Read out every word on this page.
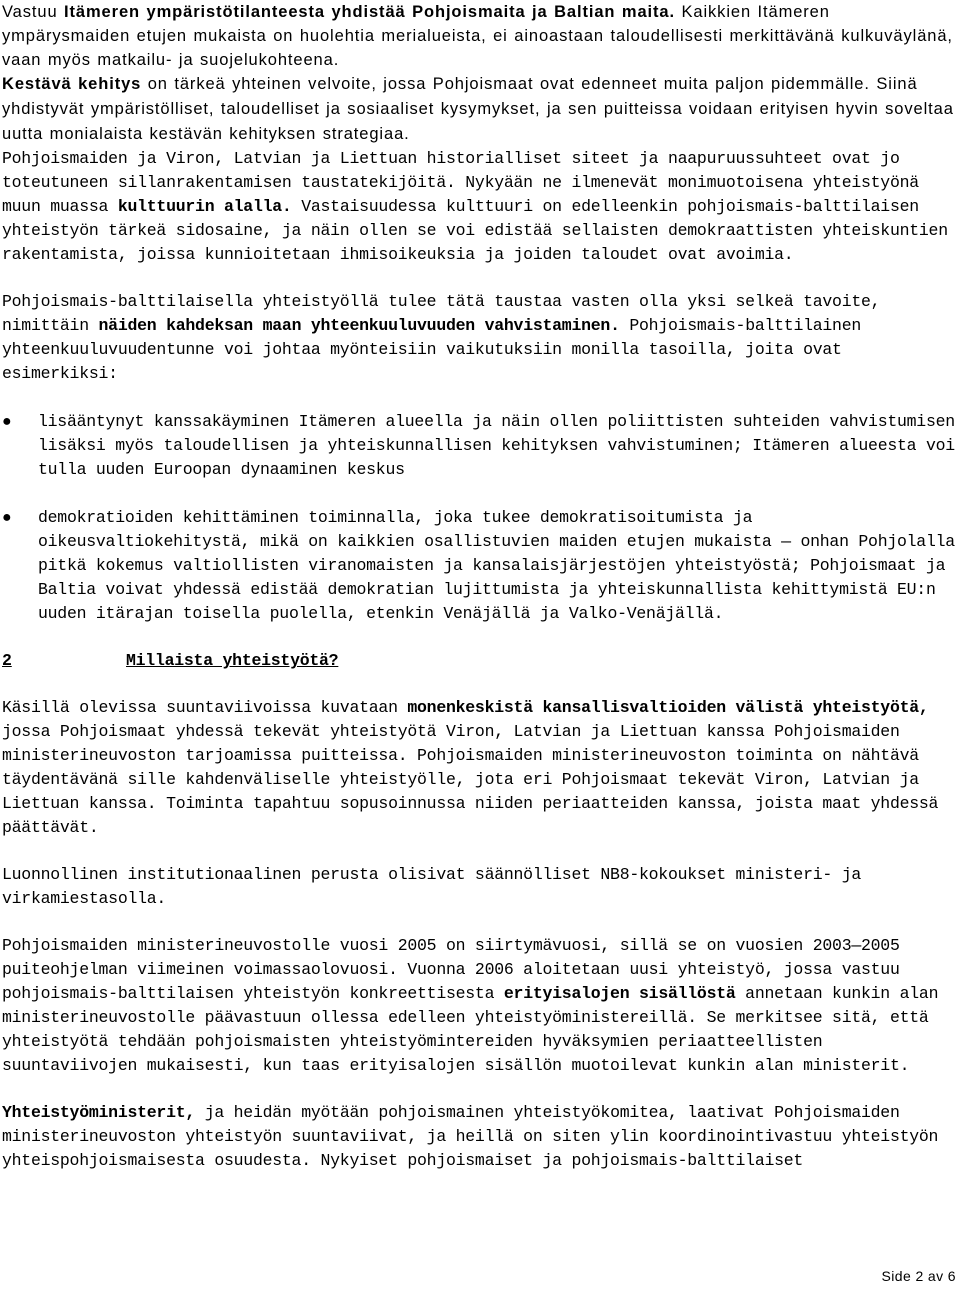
Vastuu Itämeren ympäristötilanteesta yhdistää Pohjoismaita ja Baltian maita. Kaikkien Itämeren ympärysmaiden etujen mukaista on huolehtia merialueista, ei ainoastaan taloudellisesti merkittävänä kulkuväylänä, vaan myös matkailu- ja suojelukohteena.

Kestävä kehitys on tärkeä yhteinen velvoite, jossa Pohjoismaat ovat edenneet muita paljon pidemmälle. Siinä yhdistyvät ympäristölliset, taloudelliset ja sosiaaliset kysymykset, ja sen puitteissa voidaan erityisen hyvin soveltaa uutta monialaista kestävän kehityksen strategiaa.

Pohjoismaiden ja Viron, Latvian ja Liettuan historialliset siteet ja naapuruussuhteet ovat jo toteutuneen sillanrakentamisen taustatekijöitä. Nykyään ne ilmenevät monimuotoisena yhteistyönä muun muassa kulttuurin alalla. Vastaisuudessa kulttuuri on edelleenkin pohjoismais-balttilaisen yhteistyön tärkeä sidosaine, ja näin ollen se voi edistää sellaisten demokraattisten yhteiskuntien rakentamista, joissa kunnioitetaan ihmisoikeuksia ja joiden taloudet ovat avoimia.

Pohjoismais-balttilaisella yhteistyöllä tulee tätä taustaa vasten olla yksi selkeä tavoite, nimittäin näiden kahdeksan maan yhteenkuuluvuuden vahvistaminen. Pohjoismais-balttilainen yhteenkuuluvuudentunne voi johtaa myönteisiin vaikutuksiin monilla tasoilla, joita ovat esimerkiksi:

● lisääntynyt kanssakäyminen Itämeren alueella ja näin ollen poliittisten suhteiden vahvistumisen lisäksi myös taloudellisen ja yhteiskunnallisen kehityksen vahvistuminen; Itämeren alueesta voi tulla uuden Euroopan dynaaminen keskus
● demokratioiden kehittäminen toiminnalla, joka tukee demokratisoitumista ja oikeusvaltiokehitystä, mikä on kaikkien osallistuvien maiden etujen mukaista — onhan Pohjolalla pitkä kokemus valtiollisten viranomaisten ja kansalaisjärjestöjen yhteistyöstä; Pohjoismaat ja Baltia voivat yhdessä edistää demokratian lujittumista ja yhteiskunnallista kehittymistä EU:n uuden itärajan toisella puolella, etenkin Venäjällä ja Valko-Venäjällä.
2	Millaista yhteistyötä?

Käsillä olevissa suuntaviivoissa kuvataan monenkeskistä kansallisvaltioiden välistä yhteistyötä, jossa Pohjoismaat yhdessä tekevät yhteistyötä Viron, Latvian ja Liettuan kanssa Pohjoismaiden ministerineuvoston tarjoamissa puitteissa. Pohjoismaiden ministerineuvoston toiminta on nähtävä täydentävänä sille kahdenväliselle yhteistyölle, jota eri Pohjoismaat tekevät Viron, Latvian ja Liettuan kanssa. Toiminta tapahtuu sopusoinnussa niiden periaatteiden kanssa, joista maat yhdessä päättävät.

Luonnollinen institutionaalinen perusta olisivat säännölliset NB8-kokoukset ministeri- ja virkamiestasolla.

Pohjoismaiden ministerineuvostolle vuosi 2005 on siirtymävuosi, sillä se on vuosien 2003—2005 puiteohjelman viimeinen voimassaolovuosi. Vuonna 2006 aloitetaan uusi yhteistyö, jossa vastuu pohjoismais-balttilaisen yhteistyön konkreettisesta erityisalojen sisällöstä annetaan kunkin alan ministerineuvostolle päävastuun ollessa edelleen yhteistyöministereillä. Se merkitsee sitä, että yhteistyötä tehdään pohjoismaisten yhteistyömintereiden hyväksymien periaatteellisten suuntaviivojen mukaisesti, kun taas erityisalojen sisällön muotoilevat kunkin alan ministerit.

Yhteistyöministerit, ja heidän myötään pohjoismainen yhteistyökomitea, laativat Pohjoismaiden ministerineuvoston yhteistyön suuntaviivat, ja heillä on siten ylin koordinointivastuu yhteistyön yhteispohjoismaisesta osuudesta. Nykyiset pohjoismaiset ja pohjoismais-balttilaiset

Side 2 av 6
